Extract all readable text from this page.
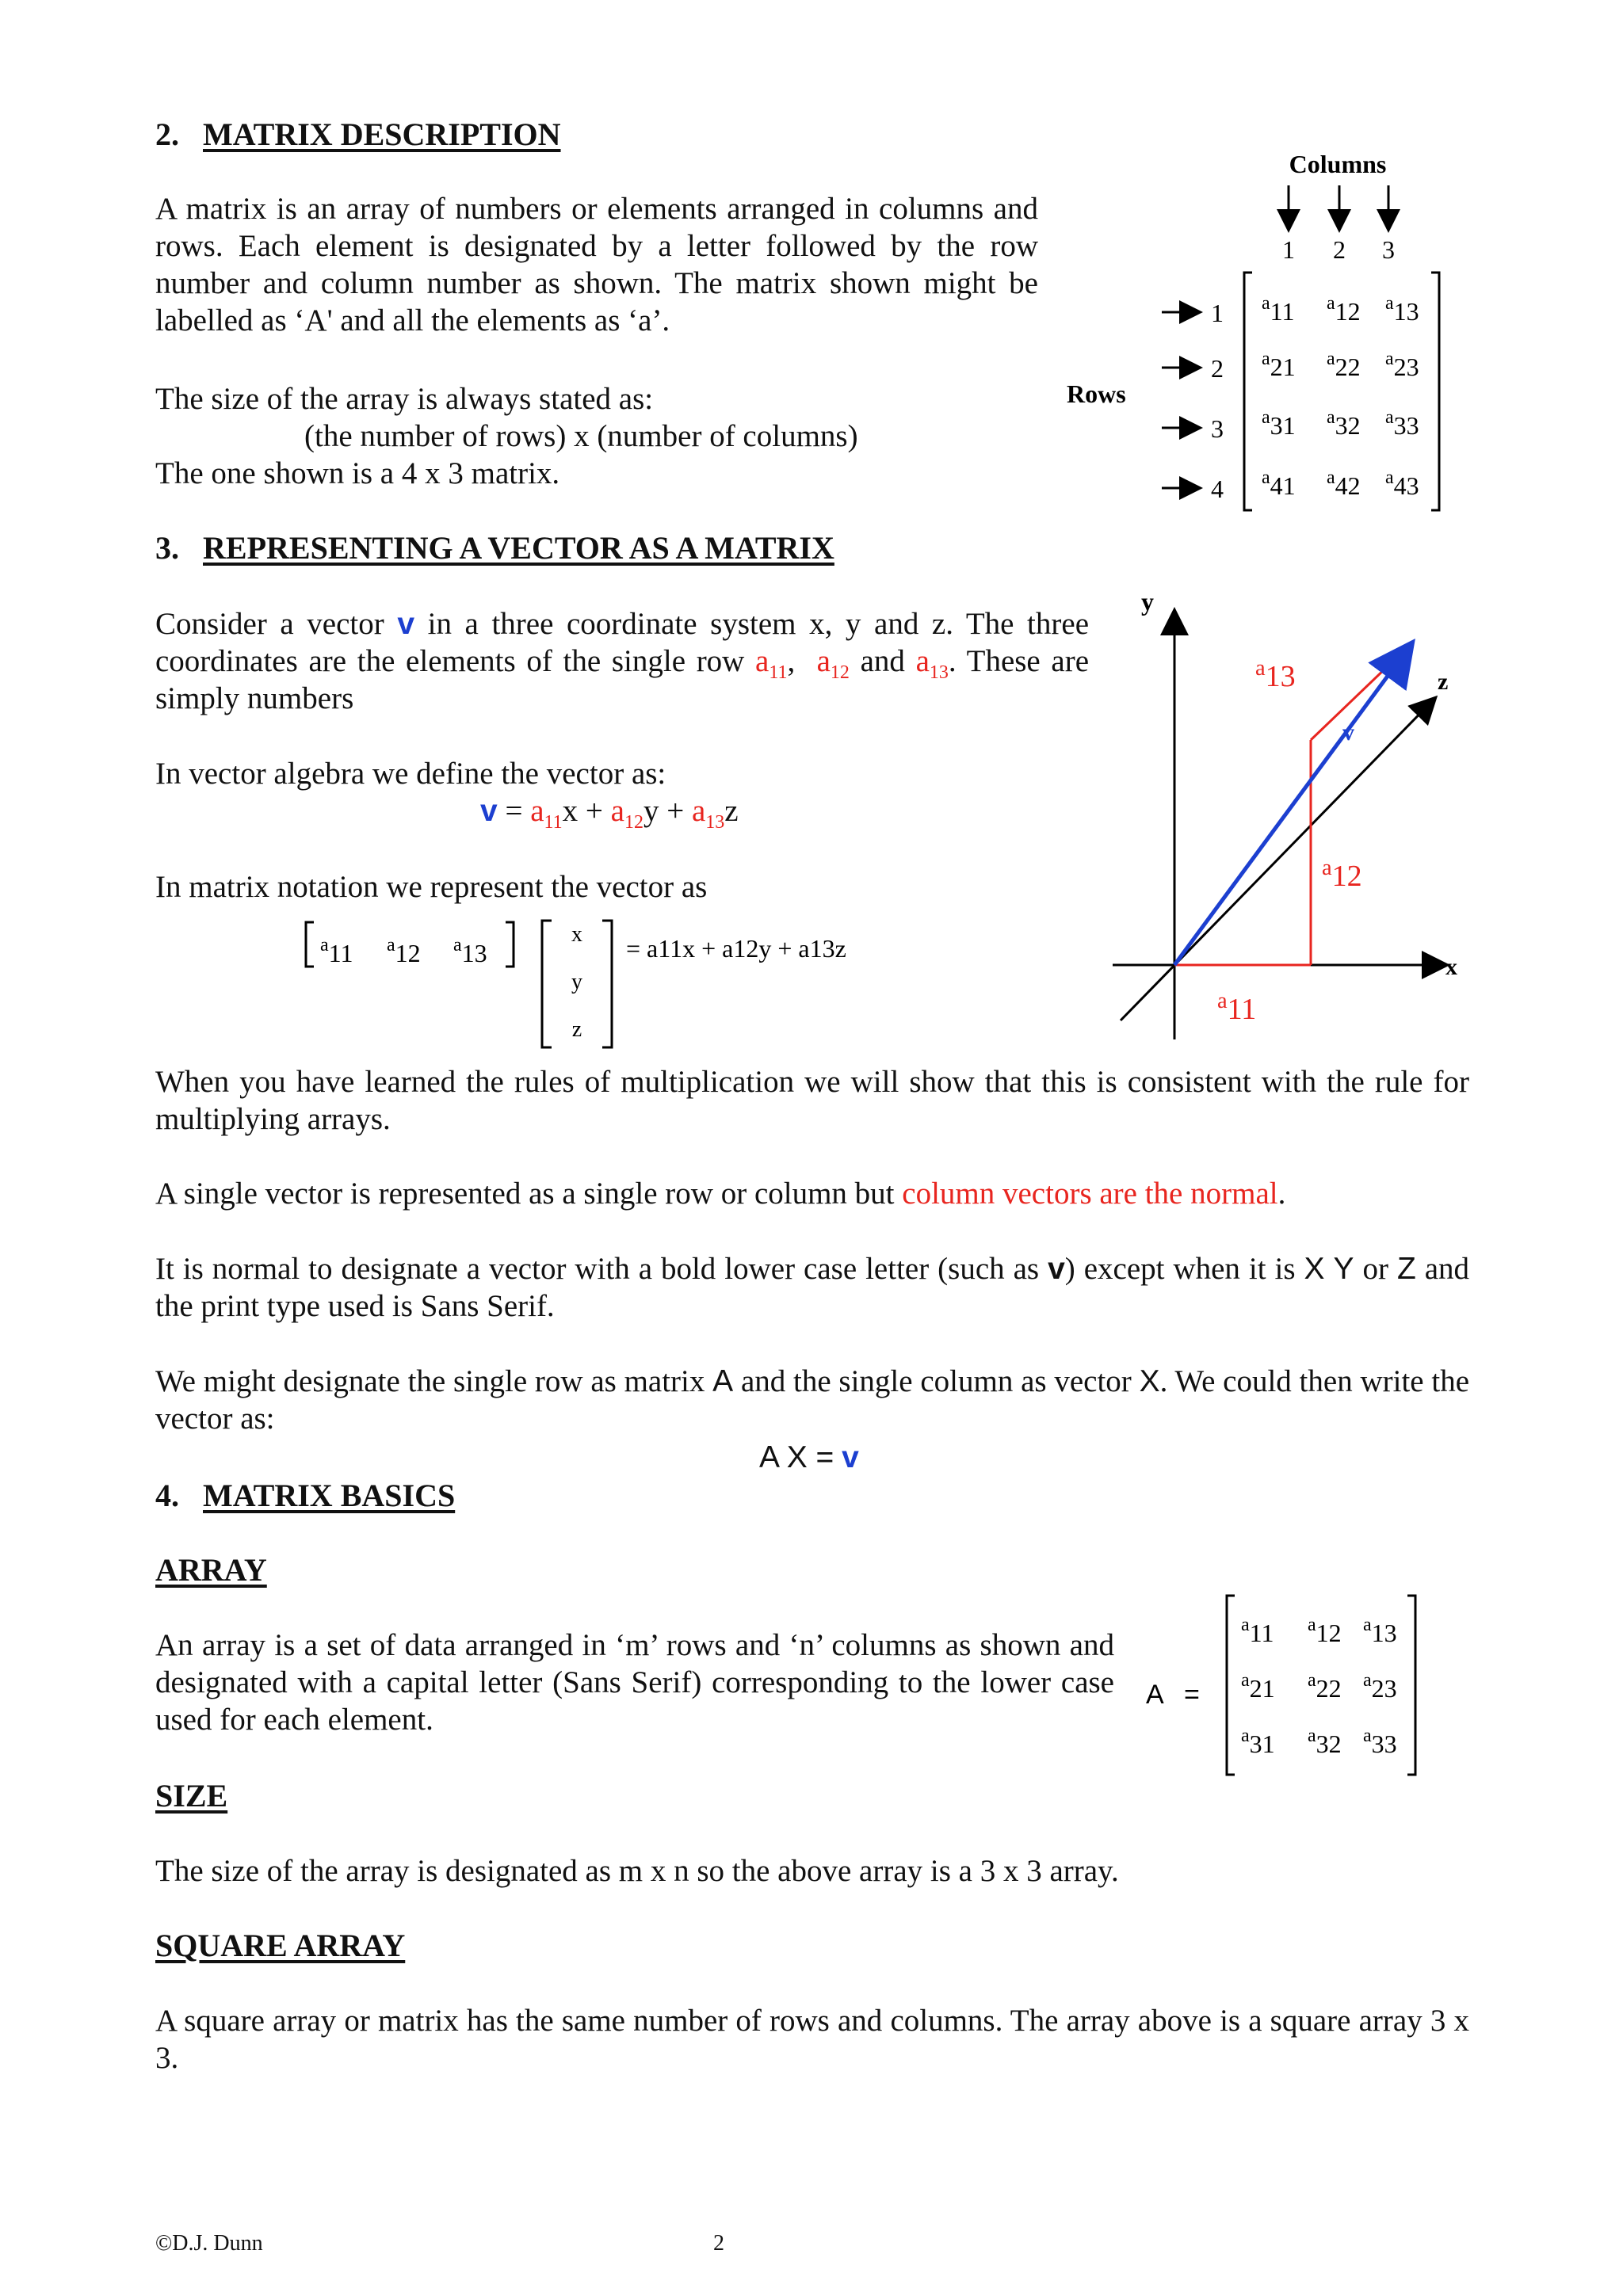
2. MATRIX DESCRIPTION

A matrix is an array of numbers or elements arranged in columns and rows. Each element is designated by a letter followed by the row number and column number as shown. The matrix shown might be labelled as ‘A' and all the elements as ‘a’.

The size of the array is always stated as:

(the number of rows) x (number of columns)

The one shown is a 4 x 3 matrix.

Columns
1 2 3
Rows
1
2
3
4
$^a$11 $^a$12 $^a$13
$^a$21 $^a$22 $^a$23
$^a$31 $^a$32 $^a$33
$^a$41 $^a$42 $^a$43

3. REPRESENTING A VECTOR AS A MATRIX

Consider a vector v in a three coordinate system x, y and z. The three coordinates are the elements of the single row $a_{11}$, $a_{12}$ and $a_{13}$. These are simply numbers

In vector algebra we define the vector as:

$v = a_{11}x + a_{12}y + a_{13}z$

In matrix notation we represent the vector as

$^a$11 $^a$12 $^a$13
x
y
z
= a11x + a12y + a13z
y
x
z
v
$^a$11
$^a$12
$^a$13

When you have learned the rules of multiplication we will show that this is consistent with the rule for multiplying arrays.

A single vector is represented as a single row or column but column vectors are the normal.

It is normal to designate a vector with a bold lower case letter (such as v) except when it is X Y or Z and the print type used is Sans Serif.

We might designate the single row as matrix A and the single column as vector X. We could then write the vector as:

A X = v

4. MATRIX BASICS

ARRAY

An array is a set of data arranged in ‘m’ rows and ‘n’ columns as shown and designated with a capital letter (Sans Serif) corresponding to the lower case used for each element.

A =
$^a$11 $^a$12 $^a$13
$^a$21 $^a$22 $^a$23
$^a$31 $^a$32 $^a$33

SIZE

The size of the array is designated as m x n so the above array is a 3 x 3 array.

SQUARE ARRAY

A square array or matrix has the same number of rows and columns. The array above is a square array 3 x 3.

©D.J. Dunn	2
